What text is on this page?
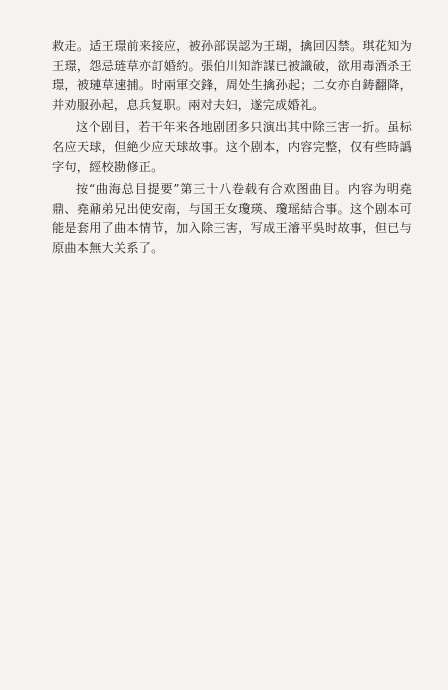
救走。适王璟前来接应，被孙部误認为王瑚，擒回囚禁。琪花知为王璟，怨忌琏草亦訂婚約。張伯川知詐謀已被識破，欲用毒酒杀王璟，被璉草速捕。时兩軍交鋒，周处生擒孙起；二女亦自鋳翻降，并劝服孙起，息兵复职。兩对夫妇，遂完成婚礼。

这个剧目，若干年来各地剧团多只演出其中除三害一折。虽标名应天球，但絶少应天球故事。这个剧本，内容完整，仅有些時譌字句，經校勘修正。

按“曲海总目提要”第三十八卷载有合欢图曲目。内容为明堯鼎、堯鼐弟兄出使安南，与国王女瓊瑛、瓊瑶結合事。这个剧本可能是套用了曲本情节，加入除三害，写成王濬平吳时故事，但已与原曲本無大关系了。
